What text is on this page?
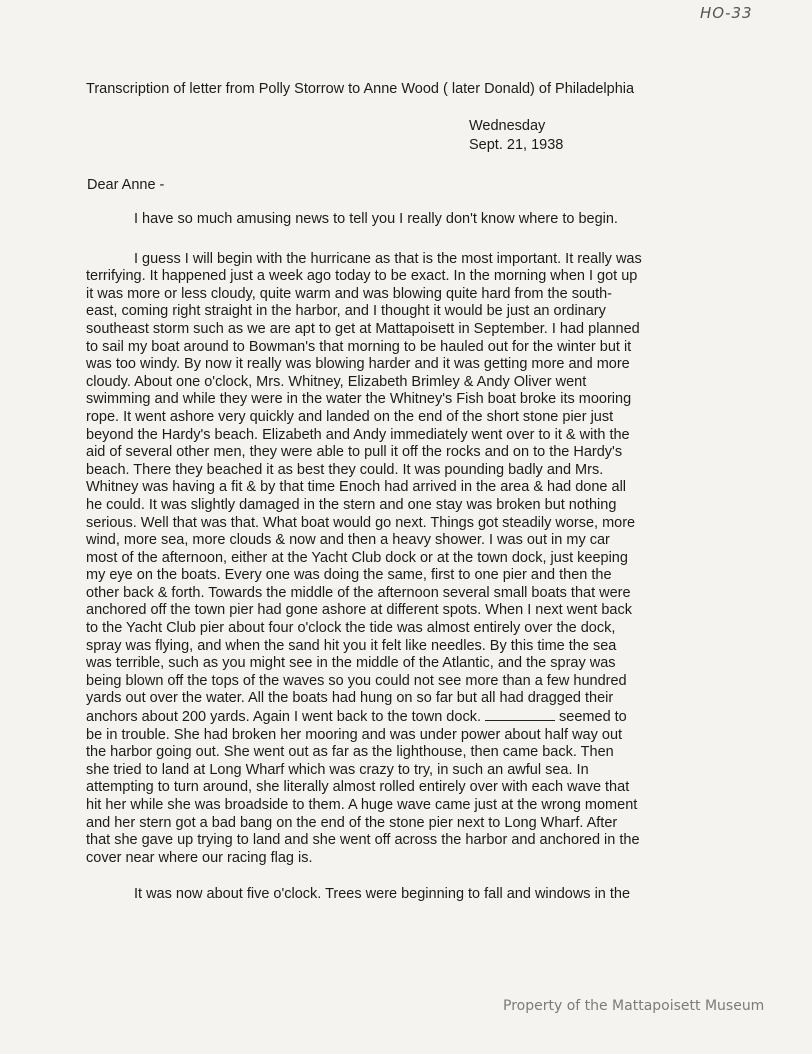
HO-33
Transcription of letter from Polly Storrow to Anne Wood ( later Donald) of Philadelphia
Wednesday
Sept. 21, 1938
Dear Anne -

I have so much amusing news to tell you I really don't know where to begin.

I guess I will begin with the hurricane as that is the most important. It really was
terrifying. It happened just a week ago today to be exact. In the morning when I got up
it was more or less cloudy, quite warm and was blowing quite hard from the south-
east, coming right straight in the harbor, and I thought it would be just an ordinary
southeast storm such as we are apt to get at Mattapoisett in September. I had planned
to sail my boat around to Bowman's that morning to be hauled out for the winter but it
was too windy. By now it really was blowing harder and it was getting more and more
cloudy. About one o'clock, Mrs. Whitney, Elizabeth Brimley & Andy Oliver went
swimming and while they were in the water the Whitney's Fish boat broke its mooring
rope. It went ashore very quickly and landed on the end of the short stone pier just
beyond the Hardy's beach. Elizabeth and Andy immediately went over to it & with the
aid of several other men, they were able to pull it off the rocks and on to the Hardy's
beach. There they beached it as best they could. It was pounding badly and Mrs.
Whitney was having a fit & by that time Enoch had arrived in the area & had done all
he could. It was slightly damaged in the stern and one stay was broken but nothing
serious. Well that was that. What boat would go next. Things got steadily worse, more
wind, more sea, more clouds & now and then a heavy shower. I was out in my car
most of the afternoon, either at the Yacht Club dock or at the town dock, just keeping
my eye on the boats. Every one was doing the same, first to one pier and then the
other back & forth. Towards the middle of the afternoon several small boats that were
anchored off the town pier had gone ashore at different spots. When I next went back
to the Yacht Club pier about four o'clock the tide was almost entirely over the dock,
spray was flying, and when the sand hit you it felt like needles. By this time the sea
was terrible, such as you might see in the middle of the Atlantic, and the spray was
being blown off the tops of the waves so you could not see more than a few hundred
yards out over the water. All the boats had hung on so far but all had dragged their
anchors about 200 yards. Again I went back to the town dock.	seemed to
be in trouble. She had broken her mooring and was under power about half way out
the harbor going out. She went out as far as the lighthouse, then came back. Then
she tried to land at Long Wharf which was crazy to try, in such an awful sea. In
attempting to turn around, she literally almost rolled entirely over with each wave that
hit her while she was broadside to them. A huge wave came just at the wrong moment
and her stern got a bad bang on the end of the stone pier next to Long Wharf. After
that she gave up trying to land and she went off across the harbor and anchored in the
cover near where our racing flag is.

It was now about five o'clock. Trees were beginning to fall and windows in the

Property of the Mattapoisett Museum
